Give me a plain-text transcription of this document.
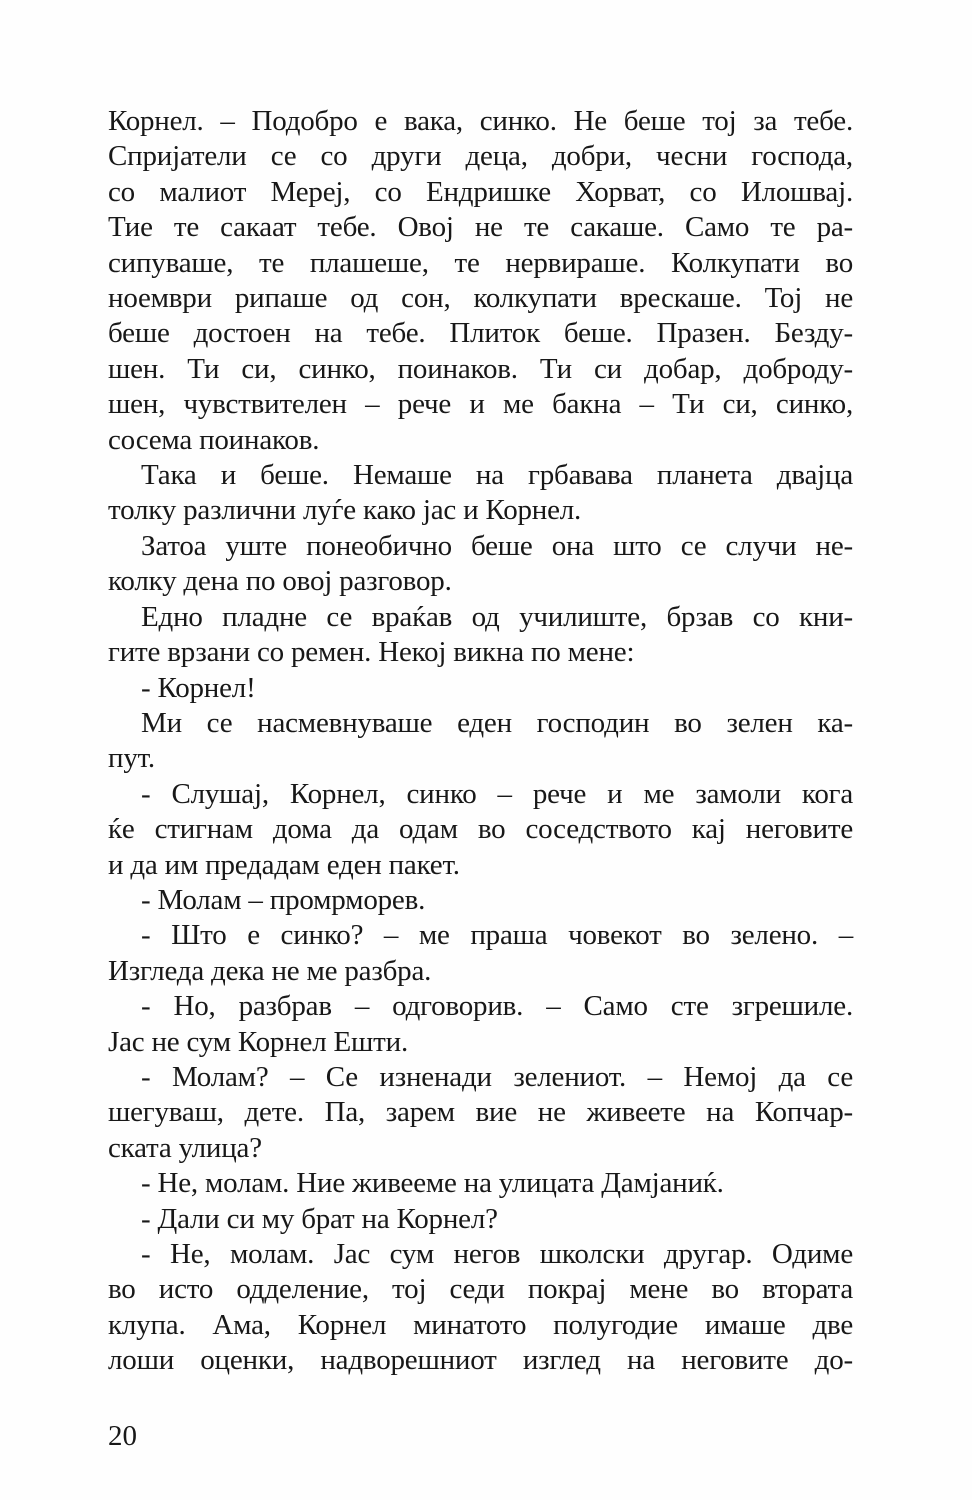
Корнел. – Подобро е вака, синко. Не беше тој за тебе.
Спријатели се со други деца, добри, чесни господа,
со малиот Мереј, со Ендришке Хорват, со Илошвај.
Тие те сакаат тебе. Овој не те сакаше. Само те ра-
сипуваше, те плашеше, те нервираше. Колкупати во
ноември рипаше од сон, колкупати врескаше. Тој не
беше достоен на тебе. Плиток беше. Празен. Безду-
шен. Ти си, синко, поинаков. Ти си добар, доброду-
шен, чувствителен – рече и ме бакна – Ти си, синко,
сосема поинаков.
Така и беше. Немаше на грбавава планета двајца
толку различни луѓе како јас и Корнел.
Затоа уште понеобично беше она што се случи не-
колку дена по овој разговор.
Едно пладне се враќав од училиште, брзав со кни-
гите врзани со ремен. Некој викна по мене:
- Корнел!
Ми се насмевнуваше еден господин во зелен ка-
пут.
- Слушај, Корнел, синко – рече и ме замоли кога
ќе стигнам дома да одам во соседството кај неговите
и да им предадам еден пакет.
- Молам – промрморев.
- Што е синко? – ме праша човекот во зелено. –
Изгледа дека не ме разбра.
- Но, разбрав – одговорив. – Само сте згрешиле.
Јас не сум Корнел Ешти.
- Молам? – Се изненади зелениот. – Немој да се
шегуваш, дете. Па, зарем вие не живеете на Копчар-
ската улица?
- Не, молам. Ние живееме на улицата Дамјаниќ.
- Дали си му брат на Корнел?
- Не, молам. Јас сум негов школски другар. Одиме
во исто одделение, тој седи покрај мене во втората
клупа. Ама, Корнел минатото полугодие имаше две
лоши оценки, надворешниот изглед на неговите до-
20
